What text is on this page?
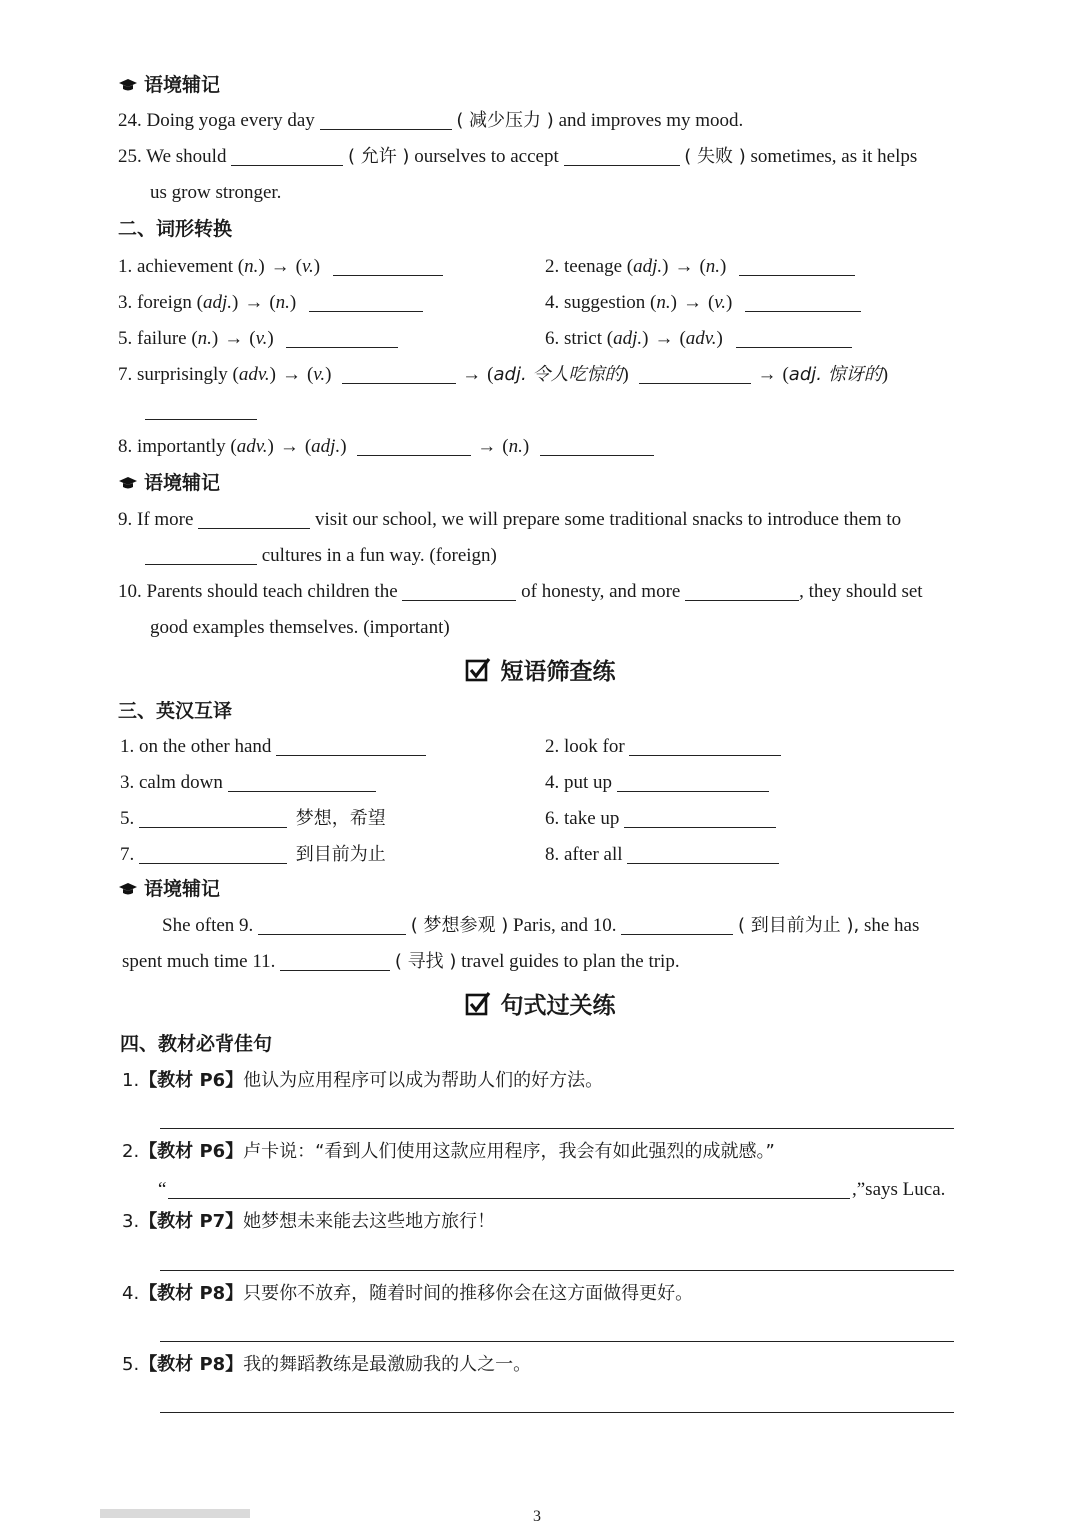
语境辅记
24. Doing yoga every day	( 减少压力 ) and improves my mood.
25. We should	( 允许 ) ourselves to accept	( 失败 ) sometimes, as it helps
us grow stronger.
二、词形转换
1. achievement (n.) → (v.)	2. teenage (adj.) → (n.)
3. foreign (adj.) → (n.)	4. suggestion (n.) → (v.)
5. failure (n.) → (v.)	6. strict (adj.) → (adv.)
7. surprisingly (adv.) → (v.)	→ (adj. 令人吃惊的)	→ (adj. 惊讶的)
8. importantly (adv.) → (adj.)	→ (n.)
语境辅记
9. If more	visit our school, we will prepare some traditional snacks to introduce them to
cultures in a fun way. (foreign)
10. Parents should teach children the	of honesty, and more	, they should set
good examples themselves. (important)
短语筛查练
三、英汉互译
1. on the other hand	2. look for
3. calm down	4. put up
5.	梦想，希望	6. take up
7.	到目前为止	8. after all
语境辅记
She often 9.	( 梦想参观 ) Paris, and 10.	( 到目前为止 ), she has
spent much time 11.	( 寻找 ) travel guides to plan the trip.
句式过关练
四、教材必背佳句
1.【教材 P6】他认为应用程序可以成为帮助人们的好方法。
2.【教材 P6】卢卡说：“看到人们使用这款应用程序，我会有如此强烈的成就感。”
“	,”says Luca.
3.【教材 P7】她梦想未来能去这些地方旅行！
4.【教材 P8】只要你不放弃，随着时间的推移你会在这方面做得更好。
5.【教材 P8】我的舞蹈教练是最激励我的人之一。
3
